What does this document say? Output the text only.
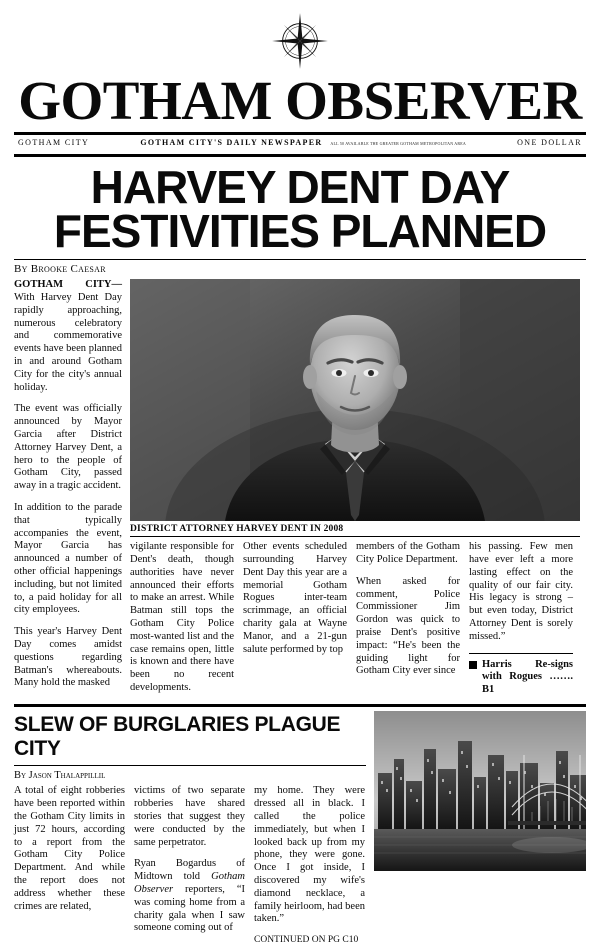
GOTHAM OBSERVER
GOTHAM CITY	GOTHAM CITY'S DAILY NEWSPAPER ALL 50 AVAILABLE THE GREATER GOTHAM METROPOLITAN AREA	ONE DOLLAR
HARVEY DENT DAY
FESTIVITIES PLANNED
By Brooke Caesar

GOTHAM CITY—With Harvey Dent Day rapidly approaching, numerous celebratory and commemorative events have been planned in and around Gotham City for the city's annual holiday.

The event was officially announced by Mayor Garcia after District Attorney Harvey Dent, a hero to the people of Gotham City, passed away in a tragic accident.

In addition to the parade that typically accompanies the event, Mayor Garcia has announced a number of other official happenings including, but not limited to, a paid holiday for all city employees.

This year's Harvey Dent Day comes amidst questions regarding Batman's whereabouts. Many hold the masked

DISTRICT ATTORNEY HARVEY DENT IN 2008

vigilante responsible for Dent's death, though authorities have never announced their efforts to make an arrest. While Batman still tops the Gotham City Police most-wanted list and the case remains open, little is known and there have been no recent developments.

Other events scheduled surrounding Harvey Dent Day this year are a memorial Gotham Rogues inter-team scrimmage, an official charity gala at Wayne Manor, and a 21-gun salute performed by top

members of the Gotham City Police Department.

When asked for comment, Police Commissioner Jim Gordon was quick to praise Dent's positive impact: “He's been the guiding light for Gotham City ever since

his passing. Few men have ever left a more lasting effect on the quality of our fair city. His legacy is strong – but even today, District Attorney Dent is sorely missed.”

Harris Re-signs with Rogues ……. B1
SLEW OF BURGLARIES PLAGUE CITY
By Jason Thalappillil

A total of eight robberies have been reported within the Gotham City limits in just 72 hours, according to a report from the Gotham City Police Department. And while the report does not address whether these crimes are related,

victims of two separate robberies have shared stories that suggest they were conducted by the same perpetrator.

Ryan Bogardus of Midtown told Gotham Observer reporters, “I was coming home from a charity gala when I saw someone coming out of

my home. They were dressed all in black. I called the police immediately, but when I looked back up from my phone, they were gone. Once I got inside, I discovered my wife's diamond necklace, a family heirloom, had been taken.”

CONTINUED ON PG C10
